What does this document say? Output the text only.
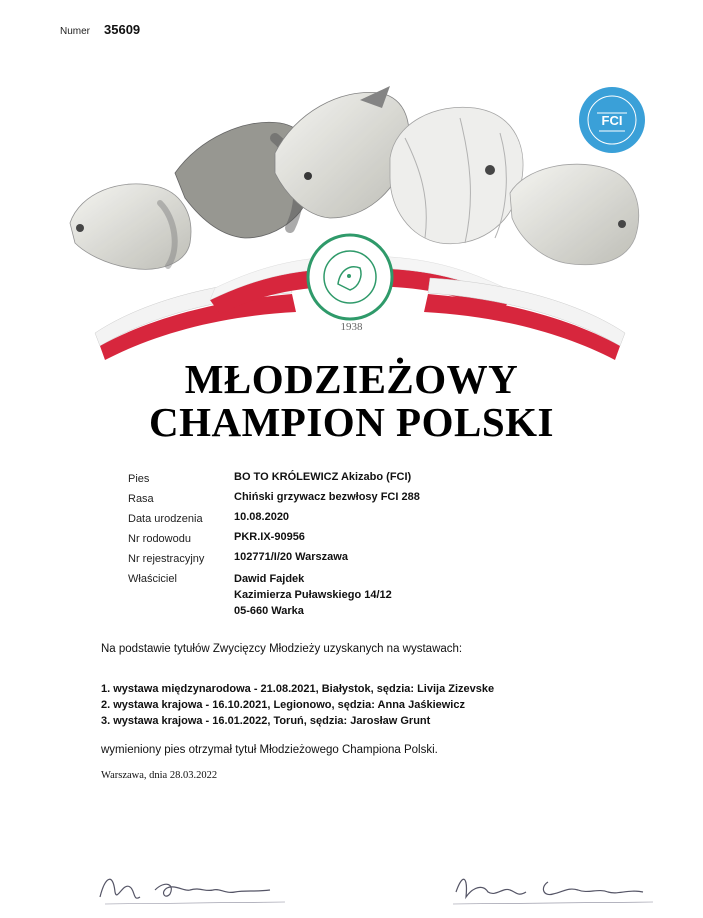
Numer 35609
FCI
1938
MŁODZIEŻOWY
CHAMPION POLSKI
Pies	BO TO KRÓLEWICZ Akizabo (FCI)
Rasa	Chiński grzywacz bezwłosy FCI 288
Data urodzenia	10.08.2020
Nr rodowodu	PKR.IX-90956
Nr rejestracyjny	102771/I/20 Warszawa
Właściciel	Dawid Fajdek
Kazimierza Puławskiego 14/12
05-660 Warka
Na podstawie tytułów Zwycięzcy Młodzieży uzyskanych na wystawach:
1. wystawa międzynarodowa - 21.08.2021, Białystok, sędzia: Livija Zizevske
2. wystawa krajowa - 16.10.2021, Legionowo, sędzia: Anna Jaśkiewicz
3. wystawa krajowa - 16.01.2022, Toruń, sędzia: Jarosław Grunt
wymieniony pies otrzymał tytuł Młodzieżowego Championa Polski.
Warszawa, dnia 28.03.2022
